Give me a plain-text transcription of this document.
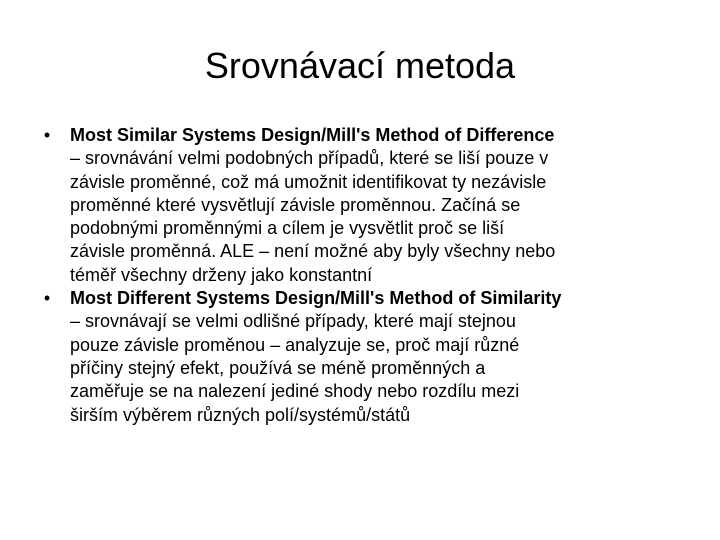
Srovnávací metoda
•	Most Similar Systems Design/Mill's Method of Difference
– srovnávání velmi podobných případů, které se liší pouze v
závisle proměnné, což má umožnit identifikovat ty nezávisle
proměnné které vysvětlují závisle proměnnou. Začíná se
podobnými proměnnými a cílem je vysvětlit proč se liší
závisle proměnná. ALE – není možné aby byly všechny nebo
téměř všechny drženy jako konstantní
•	Most Different Systems Design/Mill's Method of Similarity
– srovnávají se velmi odlišné případy, které mají stejnou
pouze závisle proměnou – analyzuje se, proč mají různé
příčiny stejný efekt, používá se méně proměnných a
zaměřuje se na nalezení jediné shody nebo rozdílu mezi
širším výběrem různých polí/systémů/států
